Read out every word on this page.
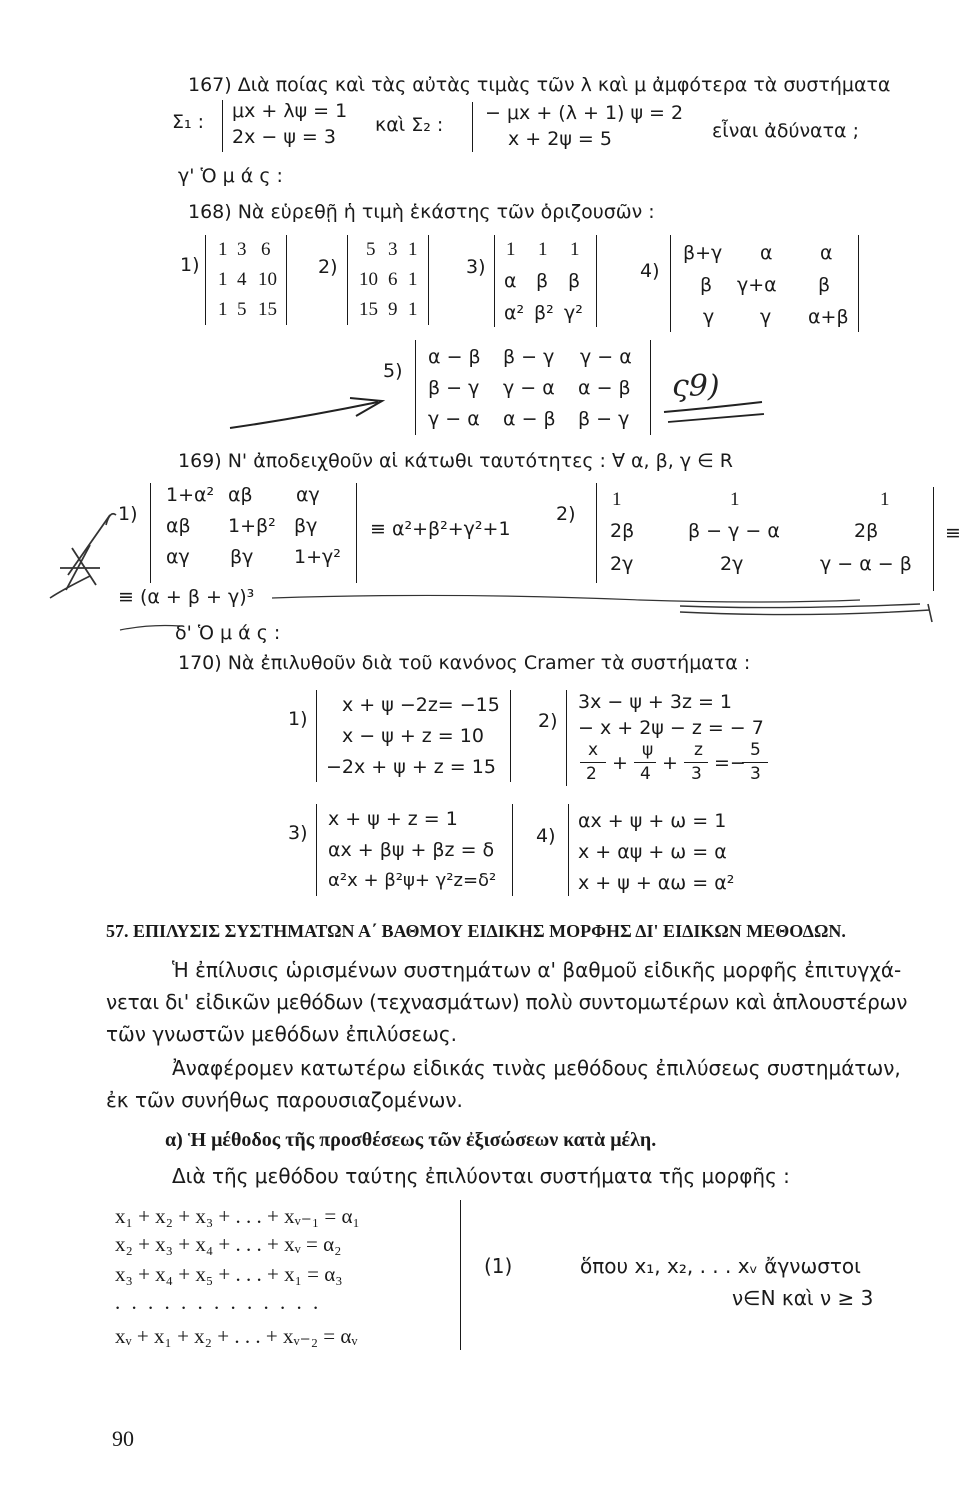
167) Διὰ ποίας καὶ τὰς αὐτὰς τιμὰς τῶν λ καὶ μ ἀμφότερα τὰ συστήματα
Σ₁ : μx + λψ = 1
2x − ψ = 3
καὶ Σ₂ :
− μx + (λ + 1) ψ = 2
x + 2ψ = 5	εἶναι ἀδύνατα ;
γ' Ὁ μ ά ς :
168) Νὰ εὑρεθῇ ἡ τιμὴ ἑκάστης τῶν ὁριζουσῶν :
1)
1 3 6
1 4 10
1 5 15
2)
5 3 1
10 6 1
15 9 1
3)
1 1 1
α β β
α² β² γ²
4)
β+γ α α
β γ+α β
γ γ α+β
5)
α − β β − γ γ − α
β − γ γ − α α − β
γ − α α − β β − γ
ς9)
169) Ν' ἀποδειχθοῦν αἱ κάτωθι ταυτότητες : ∀ α, β, γ ∈ R
1)
1+α² αβ αγ
αβ 1+β² βγ
αγ βγ 1+γ²
≡ α²+β²+γ²+1
2)
1	1	1
2β	β − γ − α	2β
2γ	2γ	γ − α − β
≡
≡ (α + β + γ)³
δ' Ὁ μ ά ς :
170) Νὰ ἐπιλυθοῦν διὰ τοῦ κανόνος Cramer τὰ συστήματα :
1)
x + ψ −2z= −15
x − ψ + z = 10
−2x + ψ + z = 15
2)
3x − ψ + 3z = 1
− x + 2ψ − z = − 7
x
2 +
ψ
4 +
z
3 =−
5
3
3)
x + ψ + z = 1
αx + βψ + βz = δ
α²x + β²ψ+ γ²z=δ²
4)
αx + ψ + ω = 1
x + αψ + ω = α
x + ψ + αω = α²
57. ΕΠΙΛΥΣΙΣ ΣΥΣΤΗΜΑΤΩΝ Α΄ ΒΑΘΜΟΥ ΕΙΔΙΚΗΣ ΜΟΡΦΗΣ ΔΙ' ΕΙΔΙΚΩΝ ΜΕΘΟΔΩΝ.
Ἡ ἐπίλυσις ὡρισμένων συστημάτων α' βαθμοῦ εἰδικῆς μορφῆς ἐπιτυγχά-
νεται δι' εἰδικῶν μεθόδων (τεχνασμάτων) πολὺ συντομωτέρων καὶ ἁπλουστέρων
τῶν γνωστῶν μεθόδων ἐπιλύσεως.
Ἀναφέρομεν κατωτέρω εἰδικάς τινὰς μεθόδους ἐπιλύσεως συστημάτων,
ἐκ τῶν συνήθως παρουσιαζομένων.
α) Ἡ μέθοδος τῆς προσθέσεως τῶν ἐξισώσεων κατὰ μέλη.
Διὰ τῆς μεθόδου ταύτης ἐπιλύονται συστήματα τῆς μορφῆς :
x₁ + x₂ + x₃ + . . . + xᵥ₋₁ = α₁
x₂ + x₃ + x₄ + . . . + xᵥ = α₂
x₃ + x₄ + x₅ + . . . + x₁ = α₃
. . . . . . . . . . . . .
xᵥ + x₁ + x₂ + . . . + xᵥ₋₂ = αᵥ
(1)	ὅπου x₁, x₂, . . . xᵥ ἄγνωστοι
ν∈N καὶ ν ≥ 3
90
